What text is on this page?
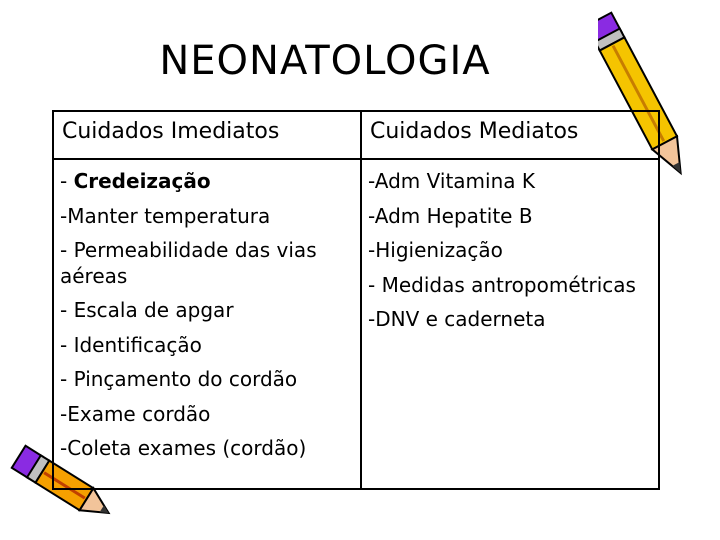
NEONATOLOGIA
Cuidados Imediatos	Cuidados Mediatos
- Credeização
-Manter temperatura
- Permeabilidade das vias aéreas
- Escala de apgar
- Identificação
- Pinçamento do cordão
-Exame cordão
-Coleta exames (cordão)
-Adm Vitamina K
-Adm Hepatite B
-Higienização
- Medidas antropométricas
-DNV e caderneta
